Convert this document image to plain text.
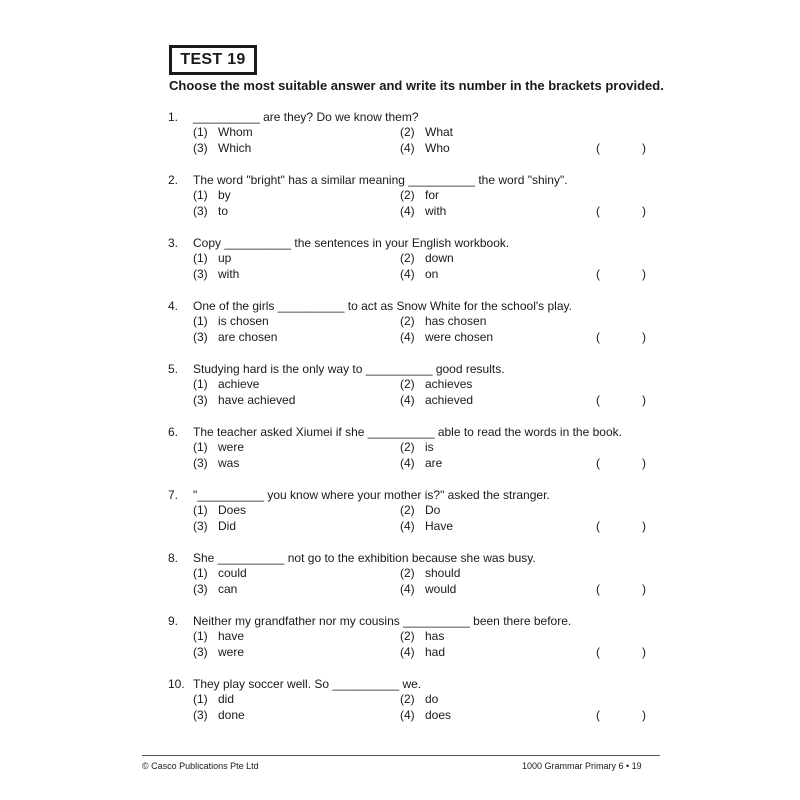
TEST 19
Choose the most suitable answer and write its number in the brackets provided.
1. __________ are they? Do we know them?
(1) Whom	(2) What
(3) Which	(4) Who	(	)
2. The word "bright" has a similar meaning __________ the word "shiny".
(1) by	(2) for
(3) to	(4) with	(	)
3. Copy __________ the sentences in your English workbook.
(1) up	(2) down
(3) with	(4) on	(	)
4. One of the girls __________ to act as Snow White for the school's play.
(1) is chosen	(2) has chosen
(3) are chosen	(4) were chosen	(	)
5. Studying hard is the only way to __________ good results.
(1) achieve	(2) achieves
(3) have achieved	(4) achieved	(	)
6. The teacher asked Xiumei if she __________ able to read the words in the book.
(1) were	(2) is
(3) was	(4) are	(	)
7. "__________ you know where your mother is?" asked the stranger.
(1) Does	(2) Do
(3) Did	(4) Have	(	)
8. She __________ not go to the exhibition because she was busy.
(1) could	(2) should
(3) can	(4) would	(	)
9. Neither my grandfather nor my cousins __________ been there before.
(1) have	(2) has
(3) were	(4) had	(	)
10. They play soccer well. So __________ we.
(1) did	(2) do
(3) done	(4) does	(	)
© Casco Publications Pte Ltd	1000 Grammar Primary 6 • 19
